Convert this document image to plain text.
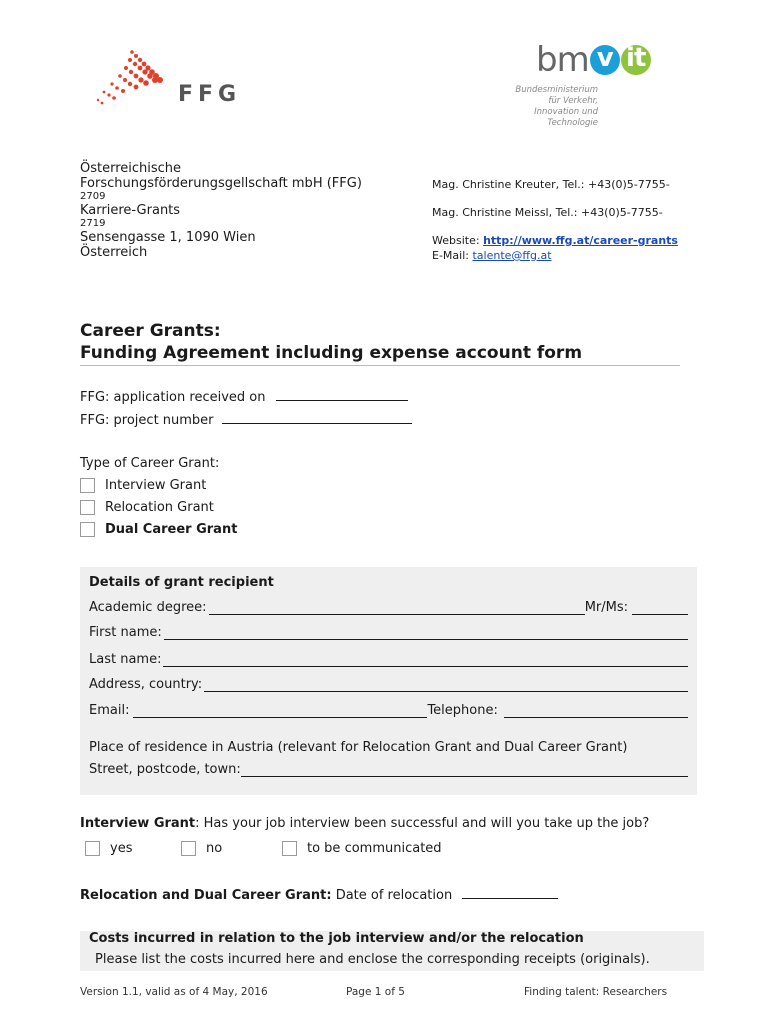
FFG
bm v it
Bundesministerium
für Verkehr,
Innovation und Technologie
Österreichische
Forschungsförderungsgellschaft mbH (FFG)
2709
Karriere-Grants
2719
Sensengasse 1, 1090 Wien
Österreich
Mag. Christine Kreuter, Tel.: +43(0)5-7755-
Mag. Christine Meissl, Tel.: +43(0)5-7755-
Website: http://www.ffg.at/career-grants
E-Mail: talente@ffg.at
Career Grants:
Funding Agreement including expense account form
FFG: application received on
FFG: project number
Type of Career Grant:
Interview Grant
Relocation Grant
Dual Career Grant
Details of grant recipient
Academic degree:	Mr/Ms:
First name:
Last name:
Address, country:
Email:	Telephone:
Place of residence in Austria (relevant for Relocation Grant and Dual Career Grant)
Street, postcode, town:
Interview Grant: Has your job interview been successful and will you take up the job?
yes	no	to be communicated
Relocation and Dual Career Grant: Date of relocation
Costs incurred in relation to the job interview and/or the relocation
Please list the costs incurred here and enclose the corresponding receipts (originals).
Version 1.1, valid as of 4 May, 2016	Page 1 of 5	Finding talent: Researchers
